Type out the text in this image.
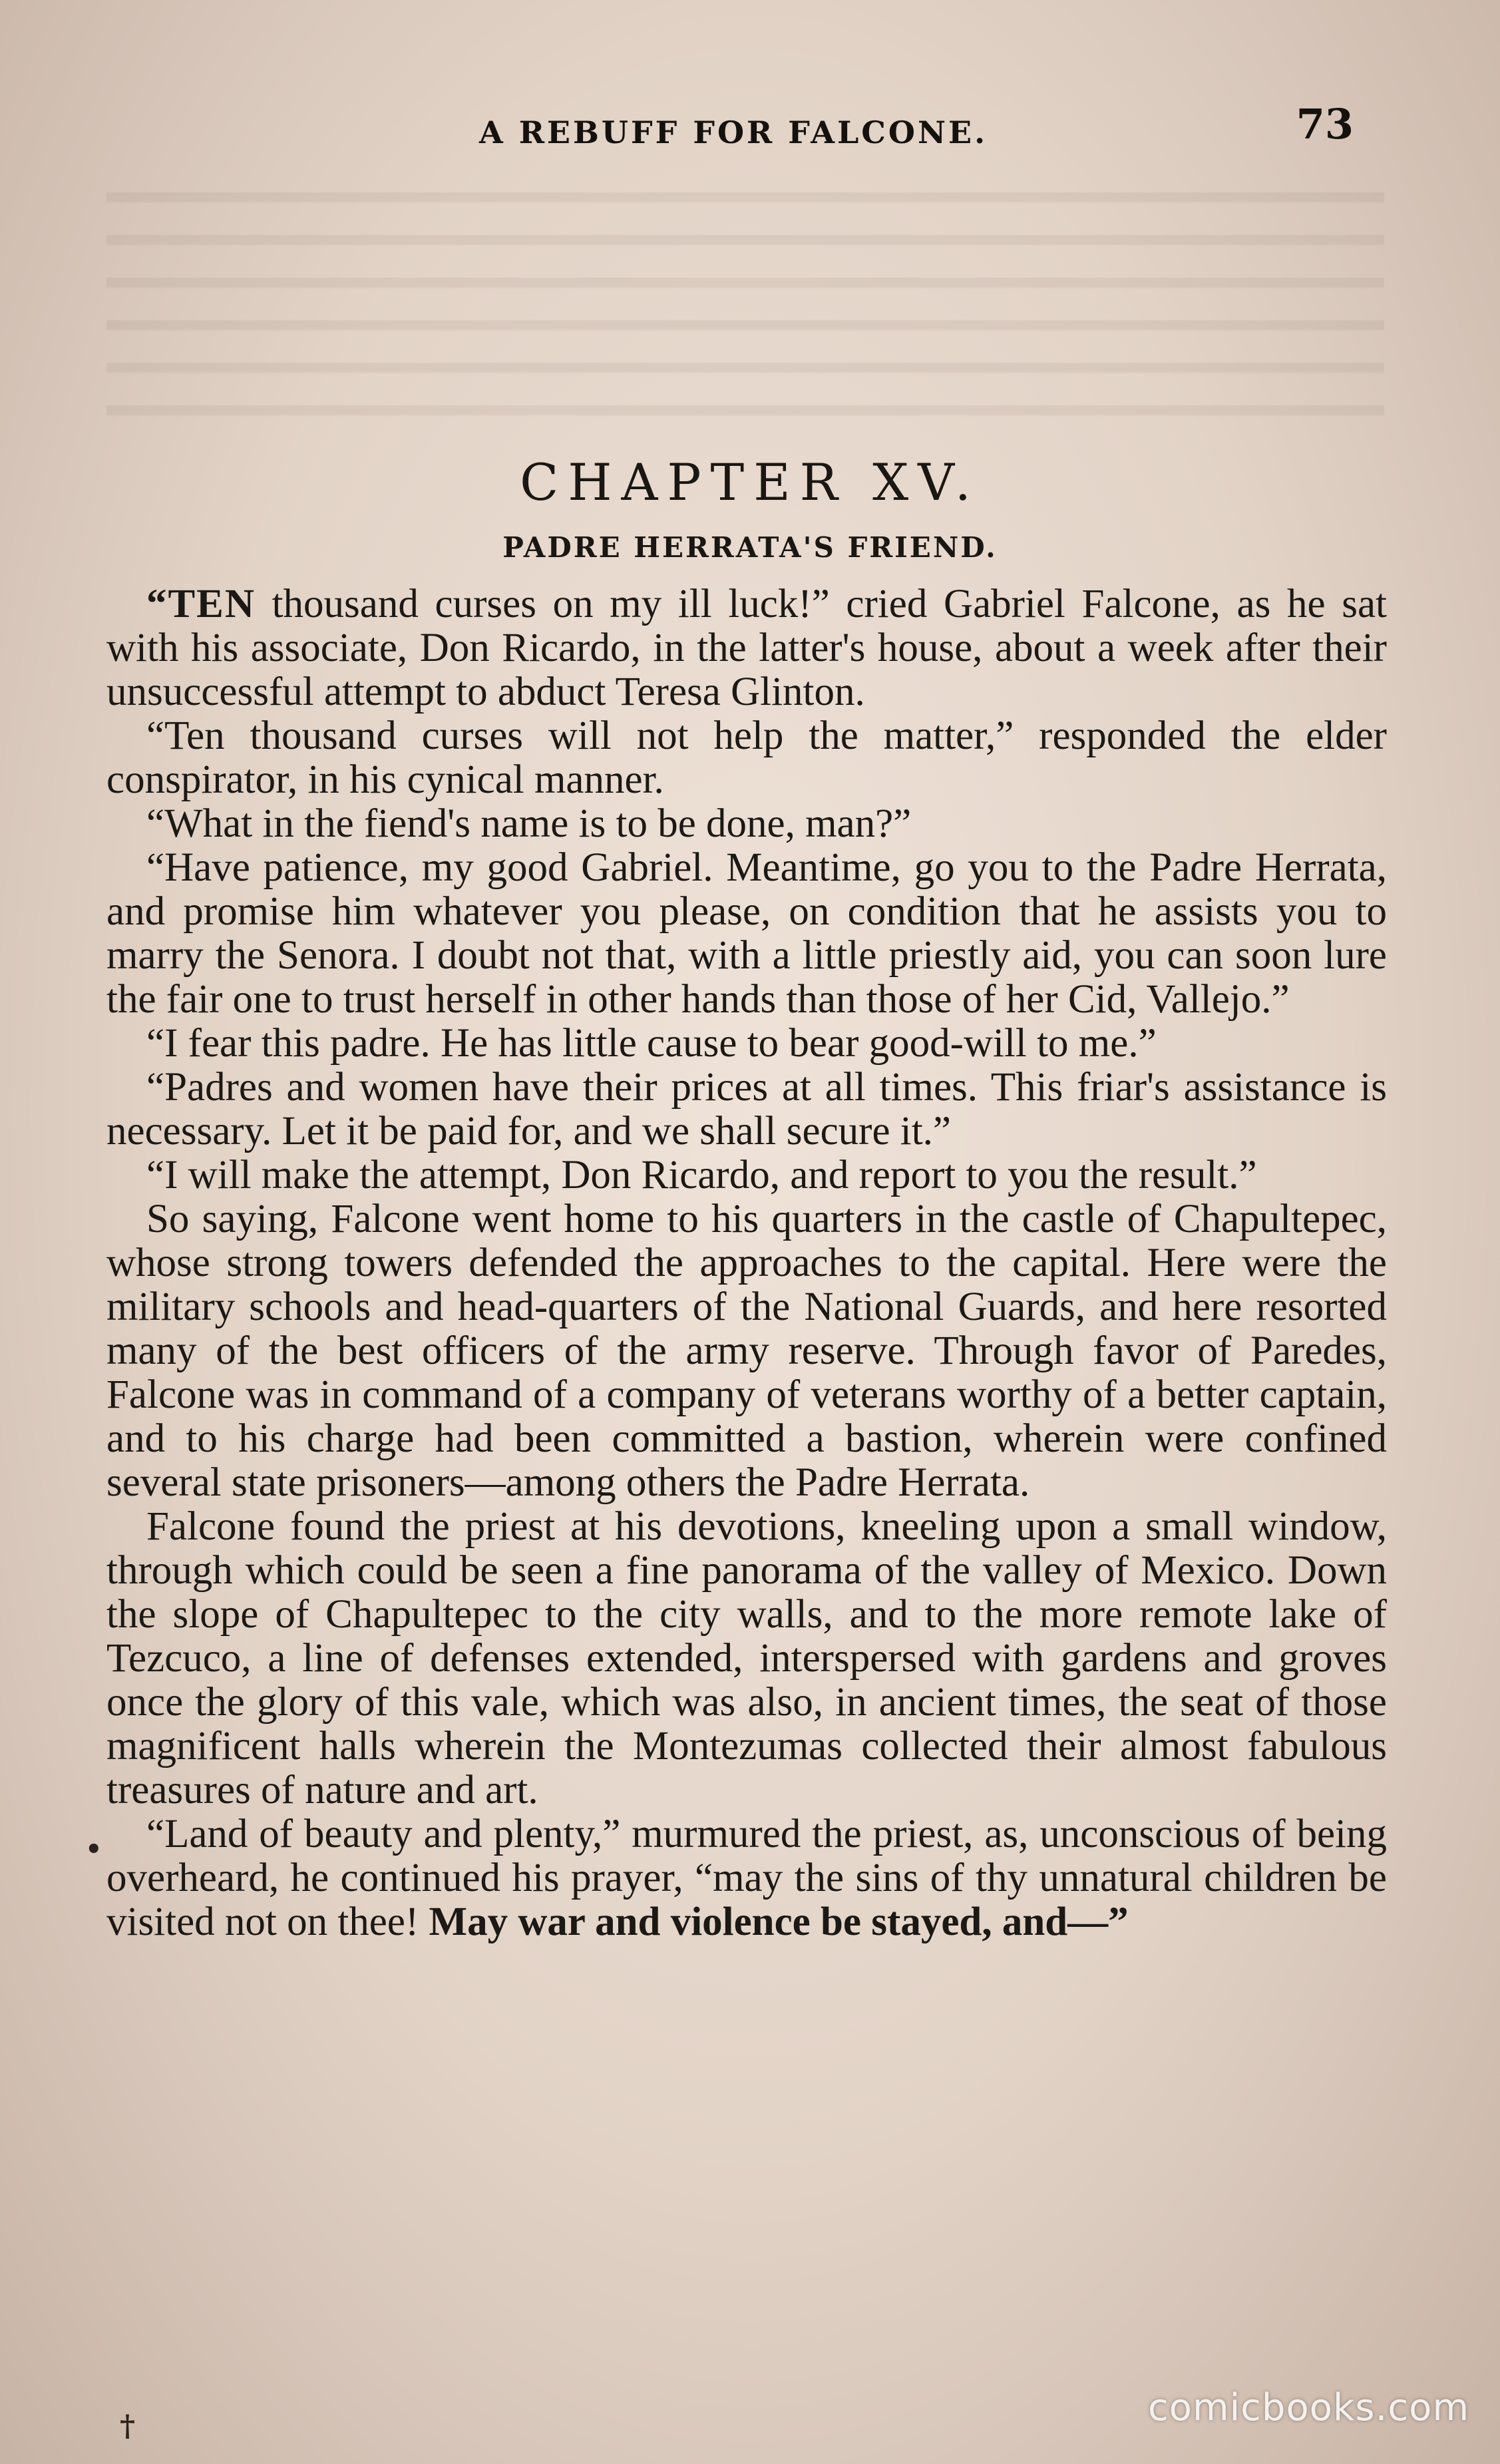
A REBUFF FOR FALCONE.	73
CHAPTER XV.
PADRE HERRATA'S FRIEND.

“TEN thousand curses on my ill luck!” cried Gabriel Falcone, as he sat with his associate, Don Ricardo, in the latter's house, about a week after their unsuccessful attempt to abduct Teresa Glinton.

“Ten thousand curses will not help the matter,” responded the elder conspirator, in his cynical manner.

“What in the fiend's name is to be done, man?”

“Have patience, my good Gabriel. Meantime, go you to the Padre Herrata, and promise him whatever you please, on condition that he assists you to marry the Senora. I doubt not that, with a little priestly aid, you can soon lure the fair one to trust herself in other hands than those of her Cid, Vallejo.”

“I fear this padre. He has little cause to bear good-will to me.”

“Padres and women have their prices at all times. This friar's assistance is necessary. Let it be paid for, and we shall secure it.”

“I will make the attempt, Don Ricardo, and report to you the result.”

So saying, Falcone went home to his quarters in the castle of Chapultepec, whose strong towers defended the approaches to the capital. Here were the military schools and head-quarters of the National Guards, and here resorted many of the best officers of the army reserve. Through favor of Paredes, Falcone was in command of a company of veterans worthy of a better captain, and to his charge had been committed a bastion, wherein were confined several state prisoners—among others the Padre Herrata.

Falcone found the priest at his devotions, kneeling upon a small window, through which could be seen a fine panorama of the valley of Mexico. Down the slope of Chapultepec to the city walls, and to the more remote lake of Tezcuco, a line of defenses extended, interspersed with gardens and groves once the glory of this vale, which was also, in ancient times, the seat of those magnificent halls wherein the Montezumas collected their almost fabulous treasures of nature and art.

“Land of beauty and plenty,” murmured the priest, as, unconscious of being overheard, he continued his prayer, “may the sins of thy unnatural children be visited not on thee! May war and violence be stayed, and—”

•
†	comicbooks.com
